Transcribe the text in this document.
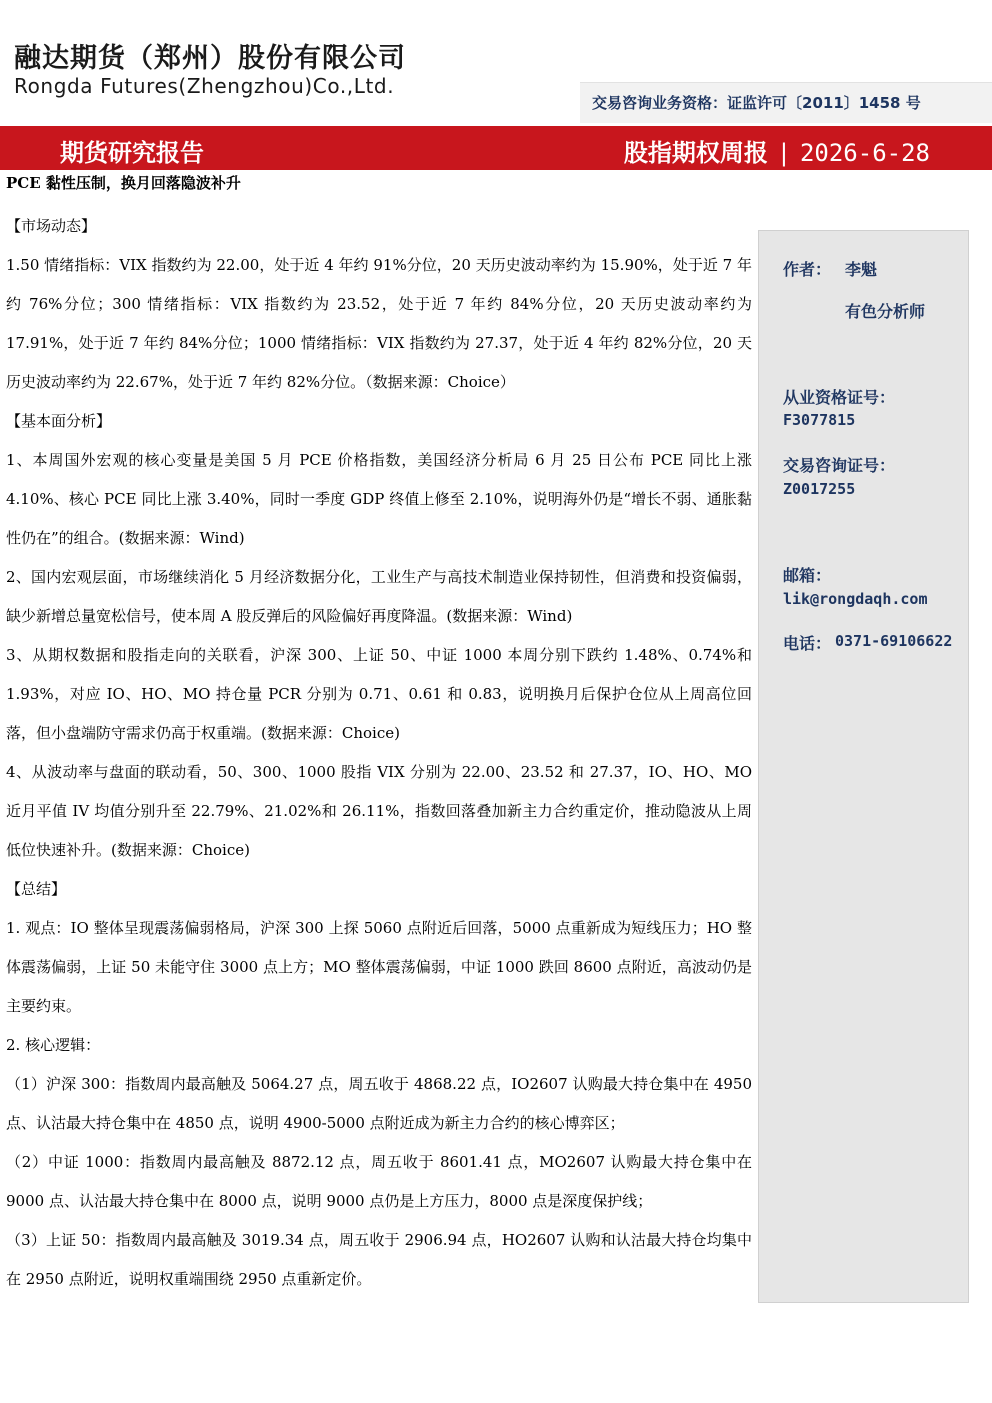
融达期货（郑州）股份有限公司
Rongda Futures(Zhengzhou)Co.,Ltd.
交易咨询业务资格：证监许可〔2011〕1458 号
期货研究报告	股指期权周报 | 2026-6-28

PCE 黏性压制，换月回落隐波补升

【市场动态】

1.50 情绪指标：VIX 指数约为 22.00，处于近 4 年约 91%分位，20 天历史波动率约为 15.90%，处于近 7 年约 76%分位；300 情绪指标：VIX 指数约为 23.52，处于近 7 年约 84%分位，20 天历史波动率约为 17.91%，处于近 7 年约 84%分位；1000 情绪指标：VIX 指数约为 27.37，处于近 4 年约 82%分位，20 天历史波动率约为 22.67%，处于近 7 年约 82%分位。（数据来源：Choice）

【基本面分析】

1、本周国外宏观的核心变量是美国 5 月 PCE 价格指数，美国经济分析局 6 月 25 日公布 PCE 同比上涨 4.10%、核心 PCE 同比上涨 3.40%，同时一季度 GDP 终值上修至 2.10%，说明海外仍是“增长不弱、通胀黏性仍在”的组合。(数据来源：Wind)

2、国内宏观层面，市场继续消化 5 月经济数据分化，工业生产与高技术制造业保持韧性，但消费和投资偏弱，缺少新增总量宽松信号，使本周 A 股反弹后的风险偏好再度降温。(数据来源：Wind)

3、从期权数据和股指走向的关联看，沪深 300、上证 50、中证 1000 本周分别下跌约 1.48%、0.74%和 1.93%，对应 IO、HO、MO 持仓量 PCR 分别为 0.71、0.61 和 0.83，说明换月后保护仓位从上周高位回落，但小盘端防守需求仍高于权重端。(数据来源：Choice)

4、从波动率与盘面的联动看，50、300、1000 股指 VIX 分别为 22.00、23.52 和 27.37，IO、HO、MO 近月平值 IV 均值分别升至 22.79%、21.02%和 26.11%，指数回落叠加新主力合约重定价，推动隐波从上周低位快速补升。(数据来源：Choice)

【总结】

1. 观点：IO 整体呈现震荡偏弱格局，沪深 300 上探 5060 点附近后回落，5000 点重新成为短线压力；HO 整体震荡偏弱，上证 50 未能守住 3000 点上方；MO 整体震荡偏弱，中证 1000 跌回 8600 点附近，高波动仍是主要约束。

2. 核心逻辑：

（1）沪深 300：指数周内最高触及 5064.27 点，周五收于 4868.22 点，IO2607 认购最大持仓集中在 4950 点、认沽最大持仓集中在 4850 点，说明 4900-5000 点附近成为新主力合约的核心博弈区；

（2）中证 1000：指数周内最高触及 8872.12 点，周五收于 8601.41 点，MO2607 认购最大持仓集中在 9000 点、认沽最大持仓集中在 8000 点，说明 9000 点仍是上方压力，8000 点是深度保护线；

（3）上证 50：指数周内最高触及 3019.34 点，周五收于 2906.94 点，HO2607 认购和认沽最大持仓均集中在 2950 点附近，说明权重端围绕 2950 点重新定价。

作者： 李魁
有色分析师
从业资格证号：
F3077815
交易咨询证号：
Z0017255
邮箱：
lik@rongdaqh.com
电话： 0371-69106622
